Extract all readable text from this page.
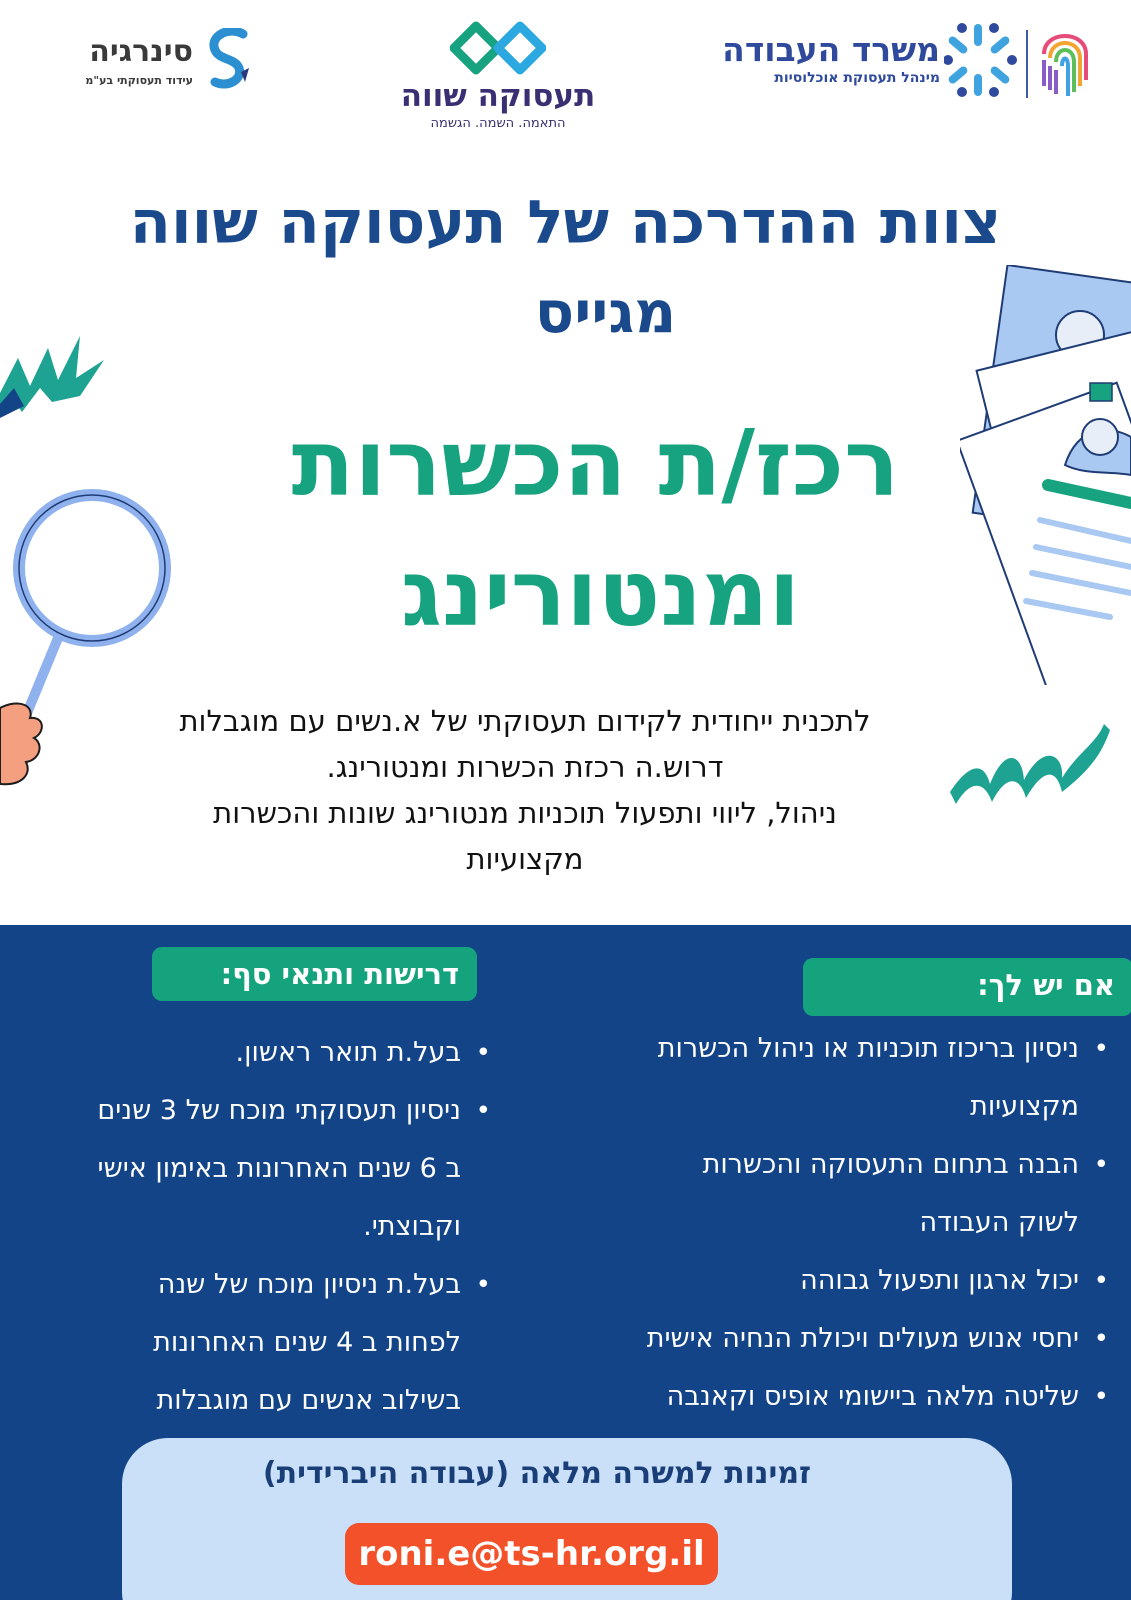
סינרגיה
עידוד תעסוקתי בע"מ	תעסוקה שווה
התאמה. השמה. הגשמה
משרד העבודה
מינהל תעסוקת אוכלוסיות
צוות ההדרכה של תעסוקה שווה
מגייס
רכז/ת הכשרות
ומנטורינג
לתכנית ייחודית לקידום תעסוקתי של א.נשים עם מוגבלות
דרוש.ה רכזת הכשרות ומנטורינג.
ניהול, ליווי ותפעול תוכניות מנטורינג שונות והכשרות
מקצועיות
אם יש לך:
דרישות ותנאי סף:
• ניסיון בריכוז תוכניות או ניהול הכשרות
מקצועיות
• הבנה בתחום התעסוקה והכשרות
לשוק העבודה
• יכול ארגון ותפעול גבוהה
• יחסי אנוש מעולים ויכולת הנחיה אישית
• שליטה מלאה ביישומי אופיס וקאנבה
• בעל.ת תואר ראשון.
• ניסיון תעסוקתי מוכח של 3 שנים
ב 6 שנים האחרונות באימון אישי
וקבוצתי.
• בעל.ת ניסיון מוכח של שנה
לפחות ב 4 שנים האחרונות
בשילוב אנשים עם מוגבלות
זמינות למשרה מלאה (עבודה היברידית)
roni.e@ts-hr.org.il
